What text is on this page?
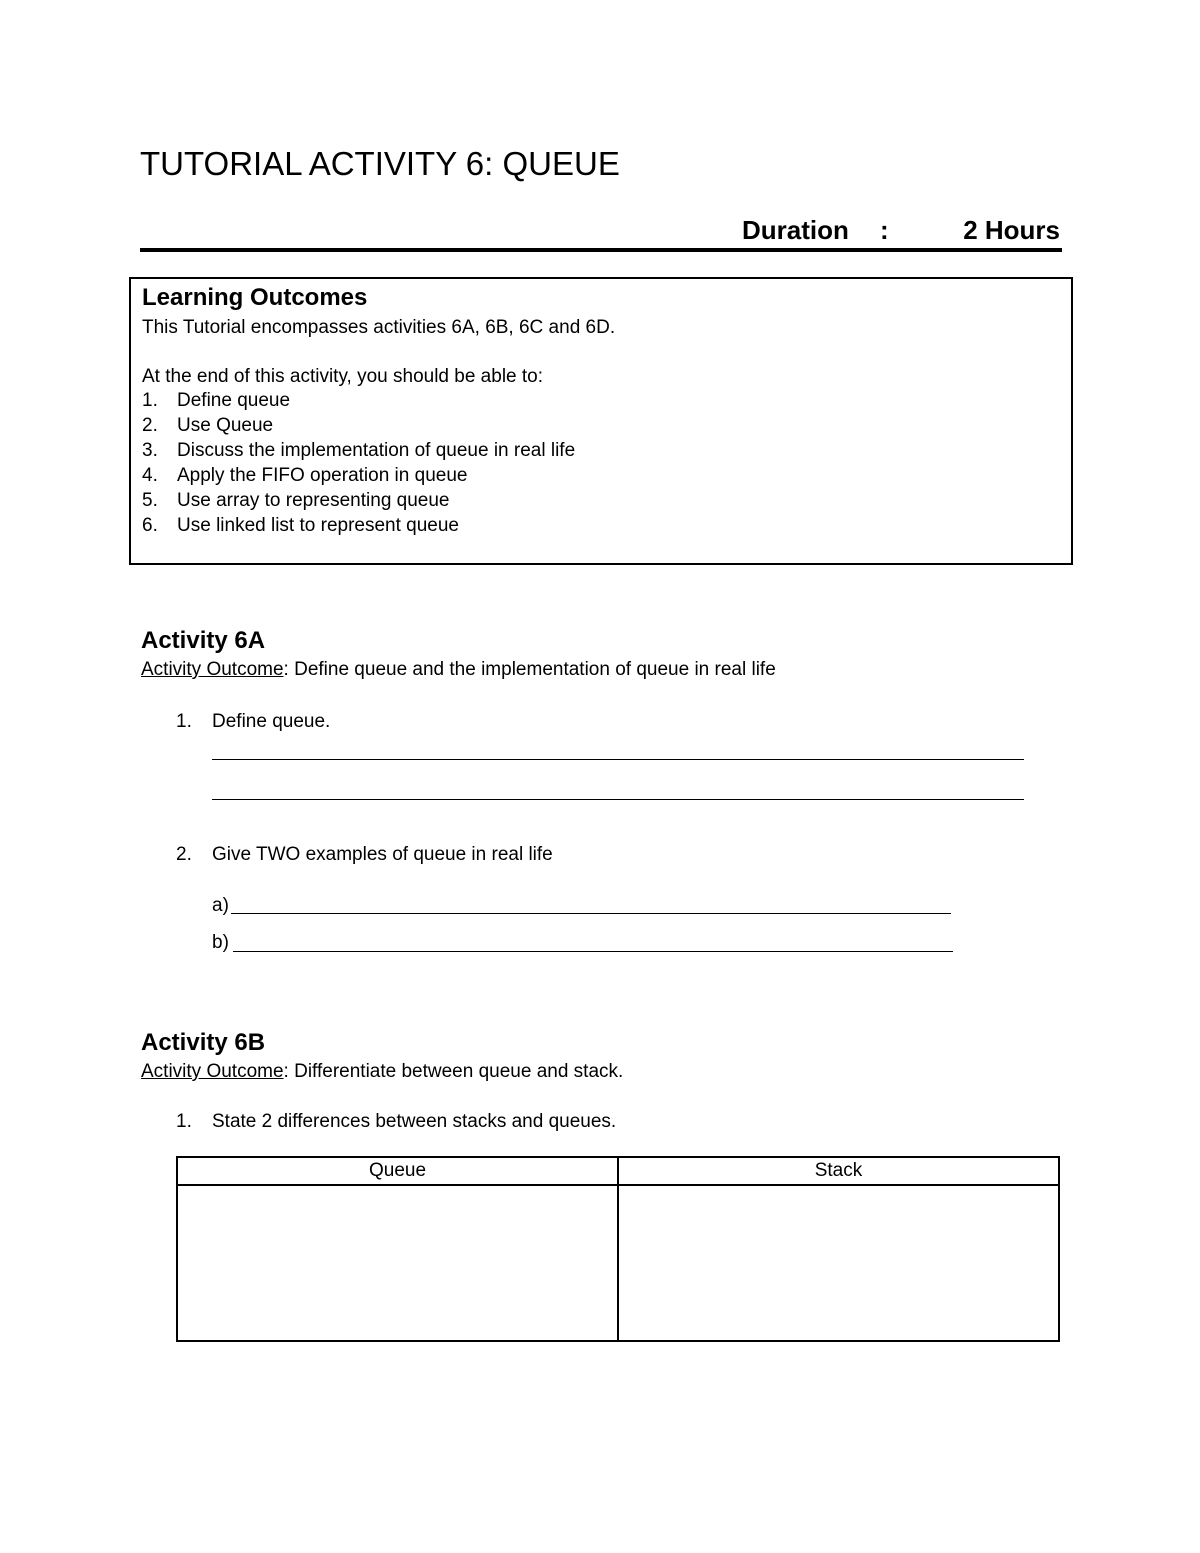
TUTORIAL ACTIVITY 6: QUEUE
Duration :	2 Hours
Learning Outcomes
This Tutorial encompasses activities 6A, 6B, 6C and 6D.
At the end of this activity, you should be able to:
1. Define queue
2. Use Queue
3. Discuss the implementation of queue in real life
4. Apply the FIFO operation in queue
5. Use array to representing queue
6. Use linked list to represent queue
Activity 6A
Activity Outcome: Define queue and the implementation of queue in real life
1. Define queue.
2. Give TWO examples of queue in real life
a)
b)
Activity 6B
Activity Outcome: Differentiate between queue and stack.
1. State 2 differences between stacks and queues.
Queue	Stack
